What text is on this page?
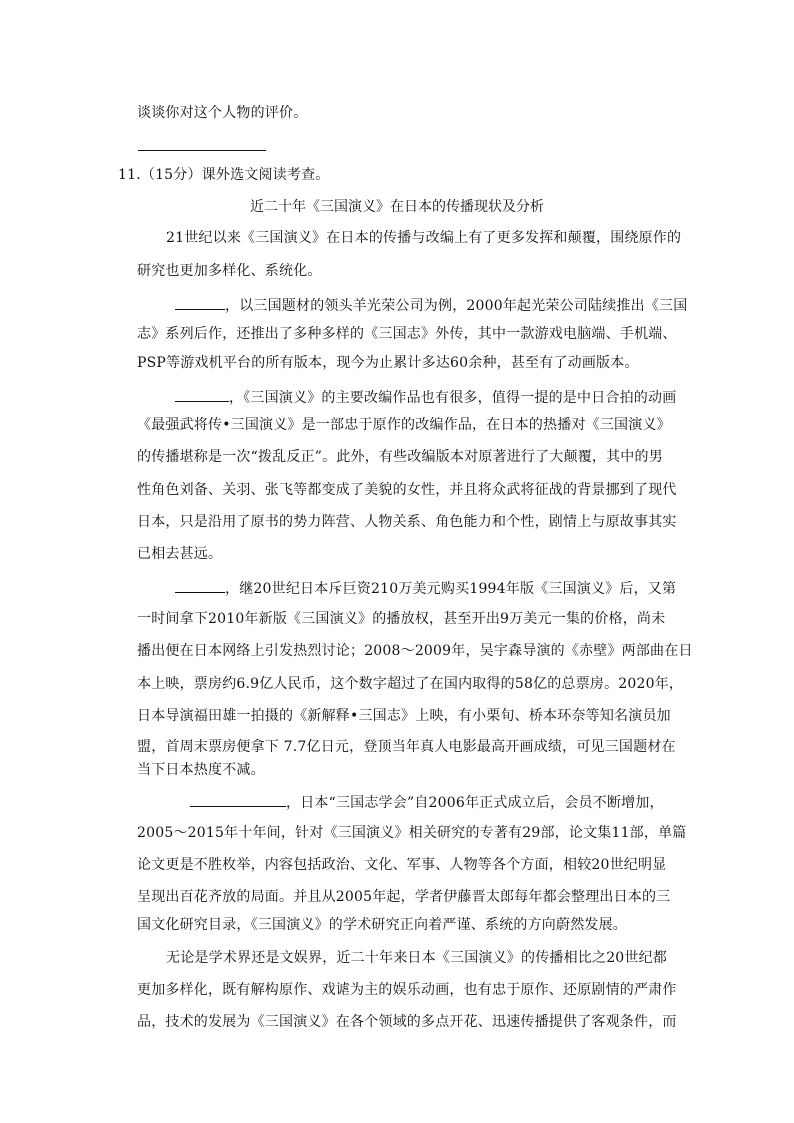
谈谈你对这个人物的评价。
11.（15分）课外选文阅读考查。
近二十年《三国演义》在日本的传播现状及分析
21世纪以来《三国演义》在日本的传播与改编上有了更多发挥和颠覆，围绕原作的
研究也更加多样化、系统化。
，以三国题材的领头羊光荣公司为例，2000年起光荣公司陆续推出《三国
志》系列后作，还推出了多种多样的《三国志》外传，其中一款游戏电脑端、手机端、
PSP等游戏机平台的所有版本，现今为止累计多达60余种，甚至有了动画版本。
，《三国演义》的主要改编作品也有很多，值得一提的是中日合拍的动画
《最强武将传•三国演义》是一部忠于原作的改编作品，在日本的热播对《三国演义》
的传播堪称是一次“拨乱反正”。此外，有些改编版本对原著进行了大颠覆，其中的男
性角色刘备、关羽、张飞等都变成了美貌的女性，并且将众武将征战的背景挪到了现代
日本，只是沿用了原书的势力阵营、人物关系、角色能力和个性，剧情上与原故事其实
已相去甚远。
，继20世纪日本斥巨资210万美元购买1994年版《三国演义》后，又第
一时间拿下2010年新版《三国演义》的播放权，甚至开出9万美元一集的价格，尚未
播出便在日本网络上引发热烈讨论；2008～2009年，吴宇森导演的《赤壁》两部曲在日
本上映，票房约6.9亿人民币，这个数字超过了在国内取得的58亿的总票房。2020年，
日本导演福田雄一拍摄的《新解释•三国志》上映，有小栗旬、桥本环奈等知名演员加
盟，首周末票房便拿下 7.7亿日元，登顶当年真人电影最高开画成绩，可见三国题材在
当下日本热度不减。
，日本“三国志学会”自2006年正式成立后，会员不断增加，
2005～2015年十年间，针对《三国演义》相关研究的专著有29部，论文集11部，单篇
论文更是不胜枚举，内容包括政治、文化、军事、人物等各个方面，相较20世纪明显
呈现出百花齐放的局面。并且从2005年起，学者伊藤晋太郎每年都会整理出日本的三
国文化研究目录，《三国演义》的学术研究正向着严谨、系统的方向蔚然发展。
无论是学术界还是文娱界，近二十年来日本《三国演义》的传播相比之20世纪都
更加多样化，既有解构原作、戏谑为主的娱乐动画，也有忠于原作、还原剧情的严肃作
品，技术的发展为《三国演义》在各个领域的多点开花、迅速传播提供了客观条件，而
